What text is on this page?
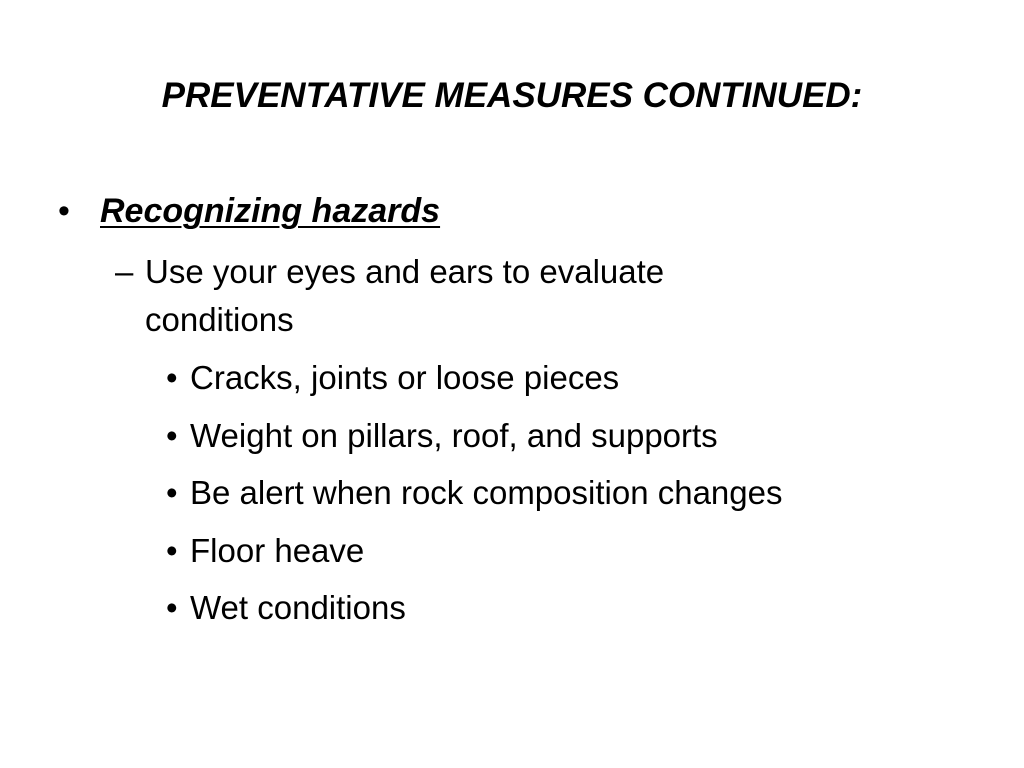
PREVENTATIVE MEASURES CONTINUED:
• Recognizing hazards
– Use your eyes and ears to evaluate conditions
• Cracks, joints or loose pieces
• Weight on pillars, roof, and supports
• Be alert when rock composition changes
• Floor heave
• Wet conditions
